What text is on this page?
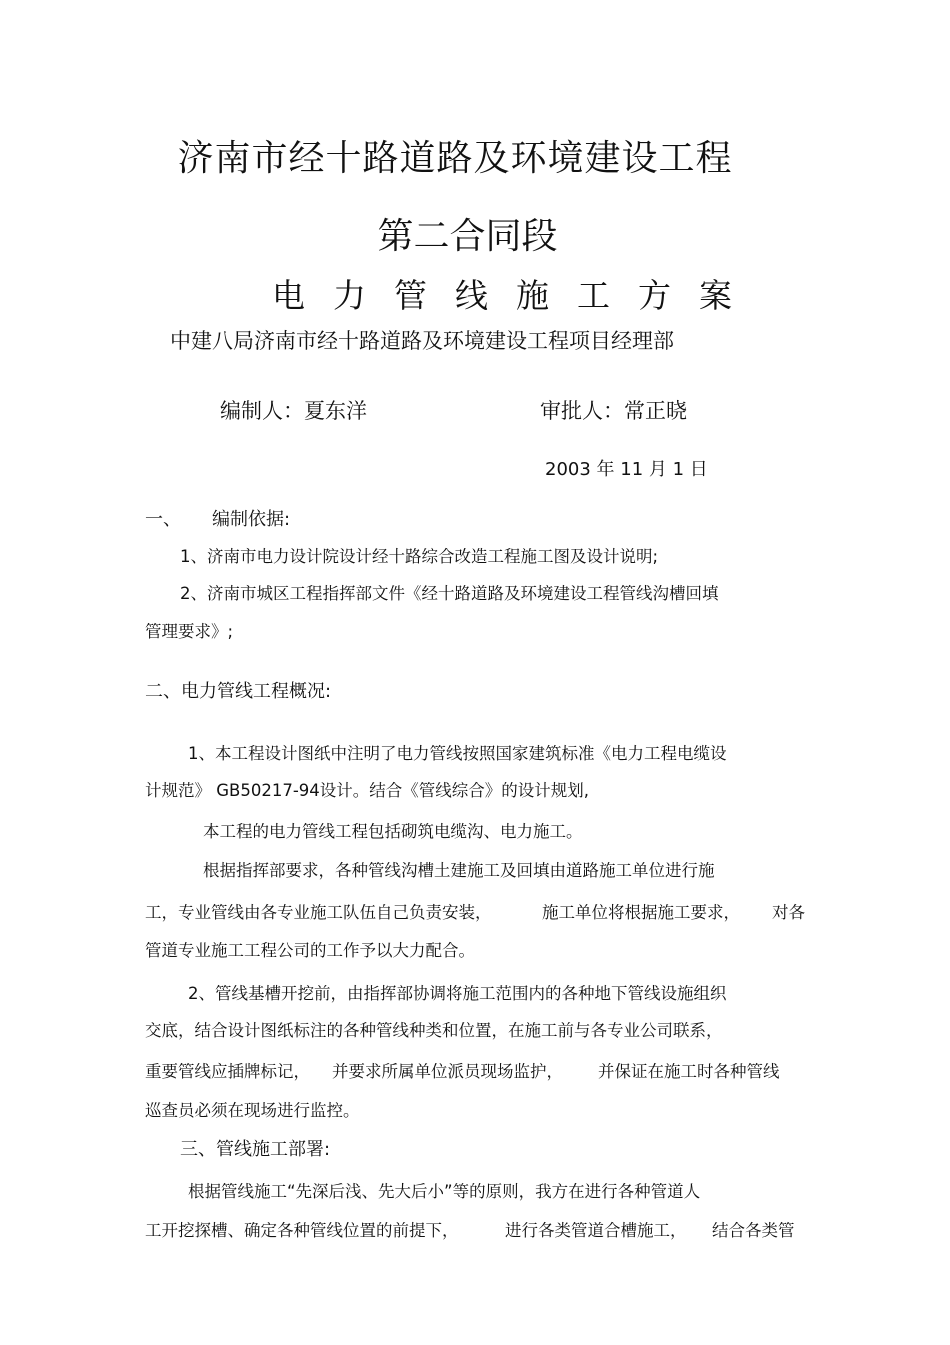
济南市经十路道路及环境建设工程
第二合同段
电力管线施工方案
中建八局济南市经十路道路及环境建设工程项目经理部
编制人：夏东洋	审批人：常正晓
2003 年 11 月 1 日
一、 编制依据:
1、济南市电力设计院设计经十路综合改造工程施工图及设计说明;
2、济南市城区工程指挥部文件《经十路道路及环境建设工程管线沟槽回填
管理要求》;
二、电力管线工程概况:
1、本工程设计图纸中注明了电力管线按照国家建筑标准《电力工程电缆设
计规范》 GB50217-94设计。结合《管线综合》的设计规划,
本工程的电力管线工程包括砌筑电缆沟、电力施工。
根据指挥部要求，各种管线沟槽土建施工及回填由道路施工单位进行施
工，专业管线由各专业施工队伍自己负责安装，	施工单位将根据施工要求， 对各
管道专业施工工程公司的工作予以大力配合。
2、管线基槽开挖前，由指挥部协调将施工范围内的各种地下管线设施组织
交底，结合设计图纸标注的各种管线种类和位置，在施工前与各专业公司联系，
重要管线应插牌标记， 并要求所属单位派员现场监护， 并保证在施工时各种管线
巡查员必须在现场进行监控。
三、管线施工部署:
根据管线施工“先深后浅、先大后小”等的原则，我方在进行各种管道人
工开挖探槽、确定各种管线位置的前提下，	进行各类管道合槽施工， 结合各类管
